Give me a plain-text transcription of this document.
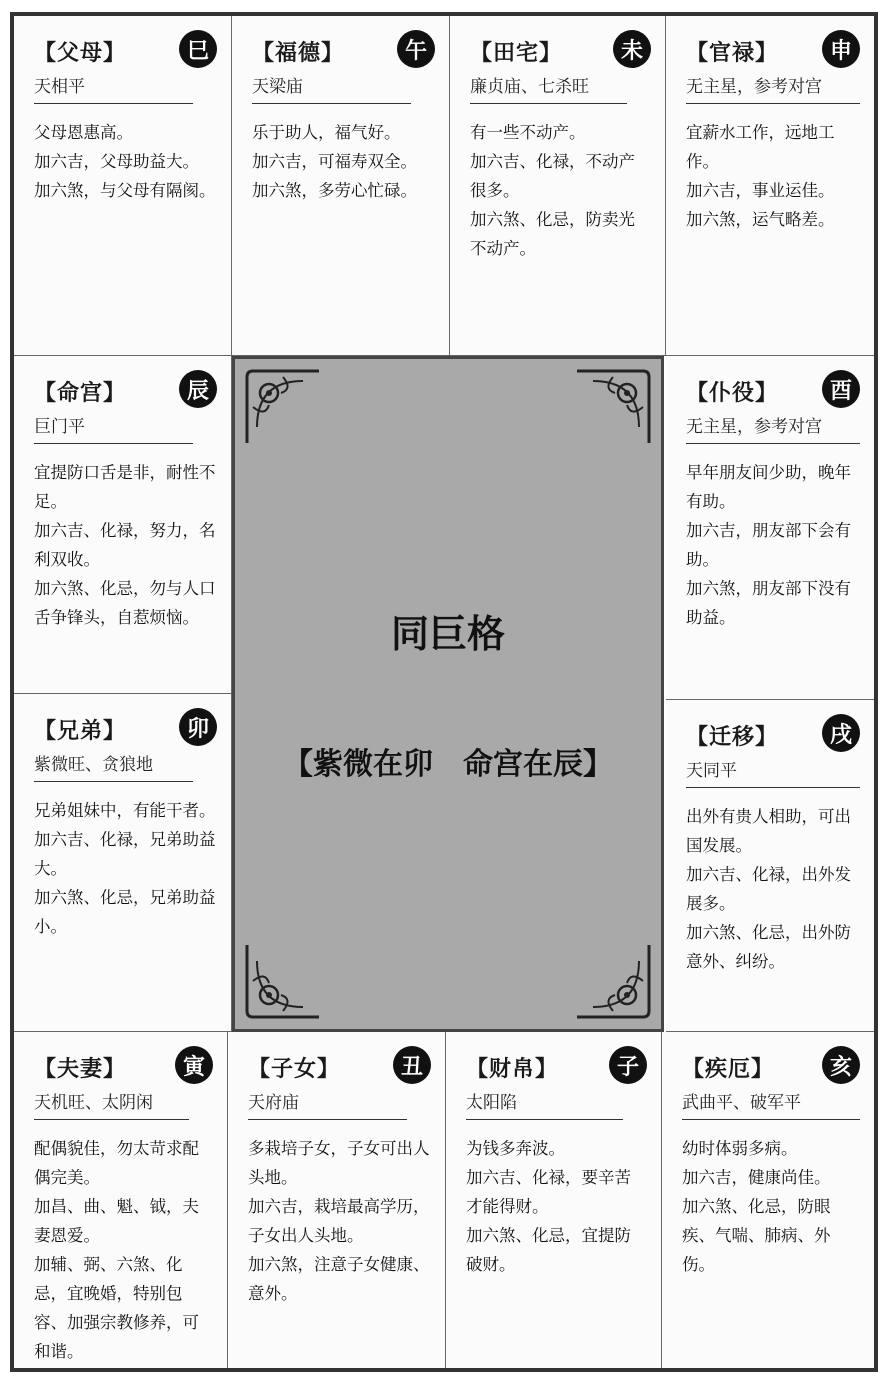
【父母】	巳
天相平
父母恩惠高。
加六吉，父母助益大。
加六煞，与父母有隔阂。
【福德】	午
天梁庙
乐于助人，福气好。
加六吉，可福寿双全。
加六煞，多劳心忙碌。
【田宅】	未
廉贞庙、七杀旺
有一些不动产。
加六吉、化禄，不动产很多。
加六煞、化忌，防卖光不动产。
【官禄】	申
无主星，参考对宫
宜薪水工作，远地工作。
加六吉，事业运佳。
加六煞，运气略差。
【命宫】	辰
巨门平
宜提防口舌是非，耐性不足。
加六吉、化禄，努力，名利双收。
加六煞、化忌，勿与人口舌争锋头，自惹烦恼。
【兄弟】	卯
紫微旺、贪狼地
兄弟姐妹中，有能干者。
加六吉、化禄，兄弟助益大。
加六煞、化忌，兄弟助益小。
【仆役】	酉
无主星，参考对宫
早年朋友间少助，晚年有助。
加六吉，朋友部下会有助。
加六煞，朋友部下没有助益。
【迁移】	戌
天同平
出外有贵人相助，可出国发展。
加六吉、化禄，出外发展多。
加六煞、化忌，出外防意外、纠纷。
【夫妻】	寅
天机旺、太阴闲
配偶貌佳，勿太苛求配偶完美。
加昌、曲、魁、钺，夫妻恩爱。
加辅、弼、六煞、化忌，宜晚婚，特别包容、加强宗教修养，可和谐。
【子女】	丑
天府庙
多栽培子女，子女可出人头地。
加六吉，栽培最高学历，子女出人头地。
加六煞，注意子女健康、意外。
【财帛】	子
太阳陷
为钱多奔波。
加六吉、化禄，要辛苦才能得财。
加六煞、化忌，宜提防破财。
【疾厄】	亥
武曲平、破军平
幼时体弱多病。
加六吉，健康尚佳。
加六煞、化忌，防眼疾、气喘、肺病、外伤。
同巨格
【紫微在卯　命宫在辰】
